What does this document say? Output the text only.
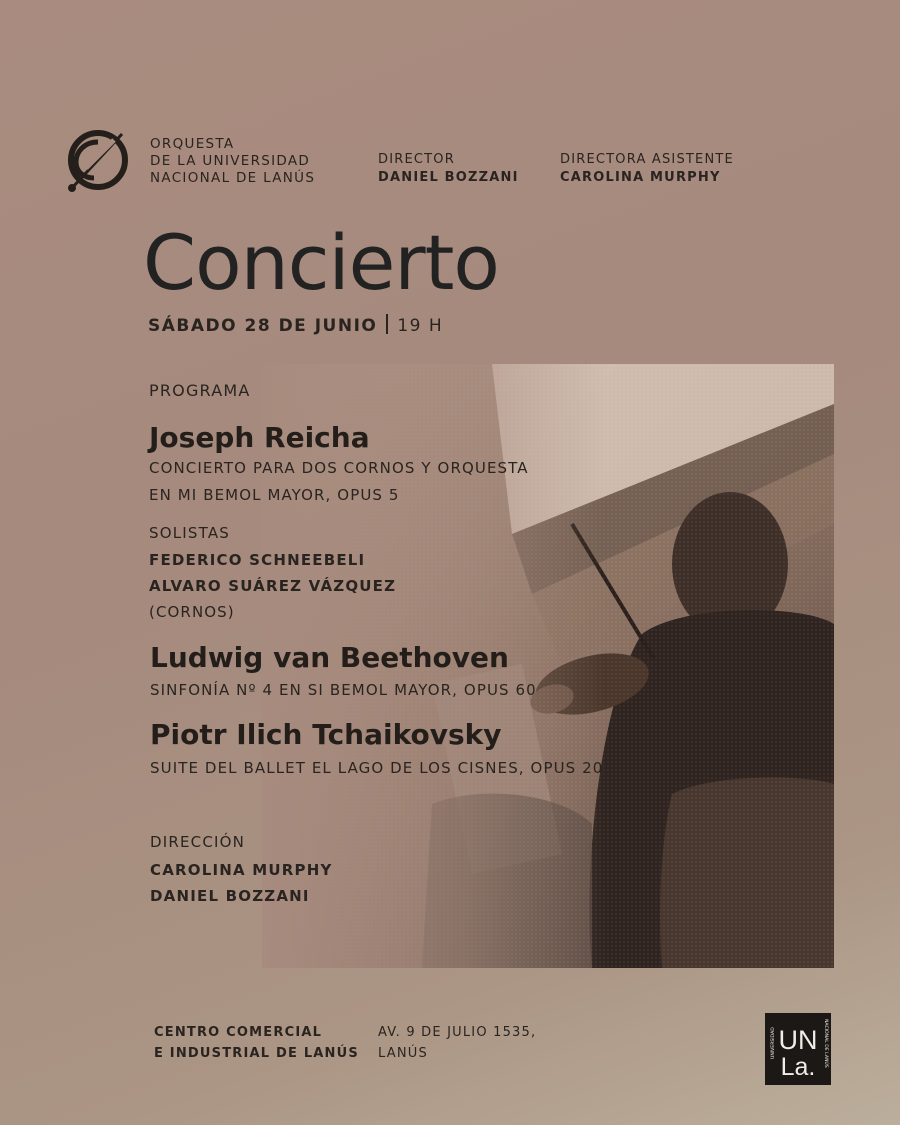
ORQUESTA
DE LA UNIVERSIDAD
NACIONAL DE LANÚS
DIRECTOR
DANIEL BOZZANI
DIRECTORA ASISTENTE
CAROLINA MURPHY
Concierto
SÁBADO 28 DE JUNIO 19 H
PROGRAMA
Joseph Reicha
CONCIERTO PARA DOS CORNOS Y ORQUESTA
EN MI BEMOL MAYOR, OPUS 5
SOLISTAS
FEDERICO SCHNEEBELI
ALVARO SUÁREZ VÁZQUEZ
(CORNOS)
Ludwig van Beethoven
SINFONÍA Nº 4 EN SI BEMOL MAYOR, OPUS 60
Piotr Ilich Tchaikovsky
SUITE DEL BALLET EL LAGO DE LOS CISNES, OPUS 20
DIRECCIÓN
CAROLINA MURPHY
DANIEL BOZZANI
CENTRO COMERCIAL
E INDUSTRIAL DE LANÚS
AV. 9 DE JULIO 1535,
LANÚS	UN
La.
UNIVERSIDAD	NACIONAL DE LANÚS
